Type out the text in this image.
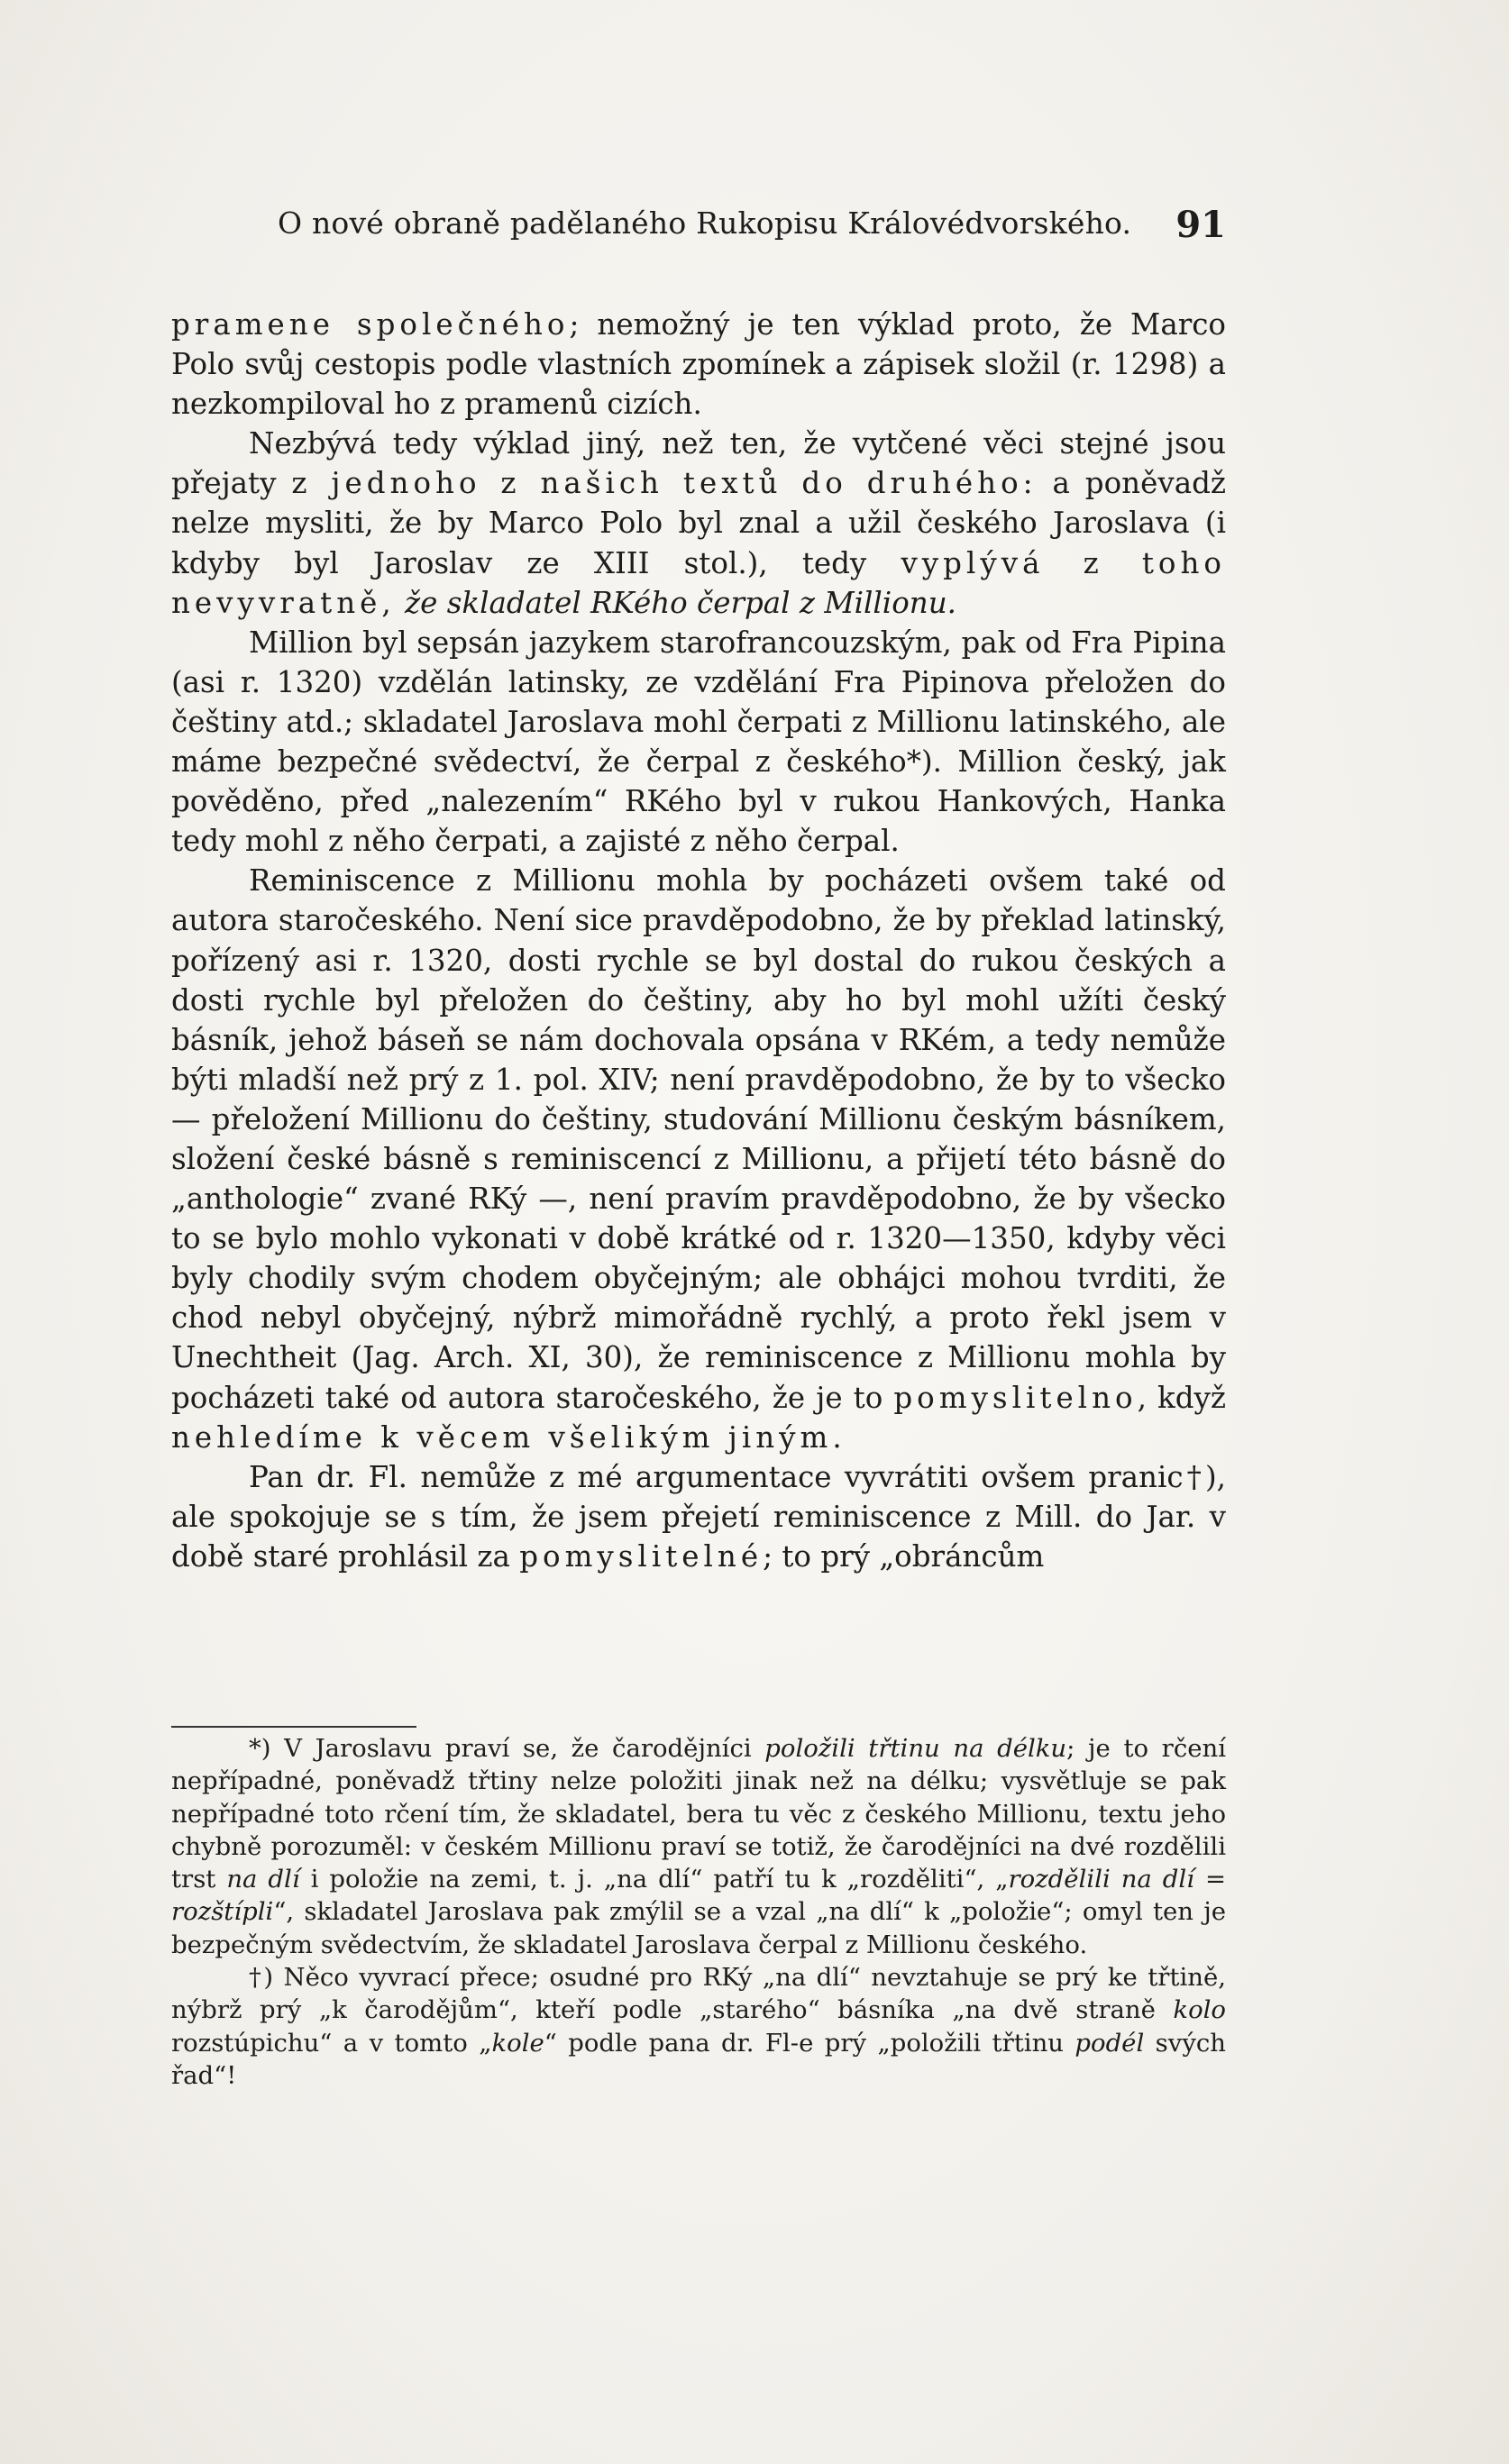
O nové obraně padělaného Rukopisu Královédvorského. 91

pramene společného; nemožný je ten výklad proto, že Marco Polo svůj cestopis podle vlastních zpomínek a zápisek složil (r. 1298) a nezkompiloval ho z pramenů cizích.

Nezbývá tedy výklad jiný, než ten, že vytčené věci stejné jsou přejaty z jednoho z našich textů do druhého: a poněvadž nelze mysliti, že by Marco Polo byl znal a užil českého Jaroslava (i kdyby byl Jaroslav ze XIII stol.), tedy vyplývá z toho nevyvratně, že skladatel RKého čerpal z Millionu.

Million byl sepsán jazykem starofrancouzským, pak od Fra Pipina (asi r. 1320) vzdělán latinsky, ze vzdělání Fra Pipinova přeložen do češtiny atd.; skladatel Jaroslava mohl čerpati z Millionu latinského, ale máme bezpečné svědectví, že čerpal z českého*). Million český, jak pověděno, před „nalezením“ RKého byl v rukou Hankových, Hanka tedy mohl z něho čerpati, a zajisté z něho čerpal.

Reminiscence z Millionu mohla by pocházeti ovšem také od autora staročeského. Není sice pravděpodobno, že by překlad latinský, pořízený asi r. 1320, dosti rychle se byl dostal do rukou českých a dosti rychle byl přeložen do češtiny, aby ho byl mohl užíti český básník, jehož báseň se nám dochovala opsána v RKém, a tedy nemůže býti mladší než prý z 1. pol. XIV; není pravděpodobno, že by to všecko — přeložení Millionu do češtiny, studování Millionu českým básníkem, složení české básně s reminiscencí z Millionu, a přijetí této básně do „anthologie“ zvané RKý —, není pravím pravděpodobno, že by všecko to se bylo mohlo vykonati v době krátké od r. 1320—1350, kdyby věci byly chodily svým chodem obyčejným; ale obhájci mohou tvrditi, že chod nebyl obyčejný, nýbrž mimořádně rychlý, a proto řekl jsem v Unechtheit (Jag. Arch. XI, 30), že reminiscence z Millionu mohla by pocházeti také od autora staročeského, že je to pomyslitelno, když nehledíme k věcem všelikým jiným.

Pan dr. Fl. nemůže z mé argumentace vyvrátiti ovšem pranic†), ale spokojuje se s tím, že jsem přejetí reminiscence z Mill. do Jar. v době staré prohlásil za pomyslitelné; to prý „obráncům

*) V Jaroslavu praví se, že čarodějníci položili třtinu na délku; je to rčení nepřípadné, poněvadž třtiny nelze položiti jinak než na délku; vysvětluje se pak nepřípadné toto rčení tím, že skladatel, bera tu věc z českého Millionu, textu jeho chybně porozuměl: v českém Millionu praví se totiž, že čarodějníci na dvé rozdělili trst na dlí i položie na zemi, t. j. „na dlí“ patří tu k „rozděliti“, „rozdělili na dlí = rozštípli“, skladatel Jaroslava pak zmýlil se a vzal „na dlí“ k „položie“; omyl ten je bezpečným svědectvím, že skladatel Jaroslava čerpal z Millionu českého.

†) Něco vyvrací přece; osudné pro RKý „na dlí“ nevztahuje se prý ke třtině, nýbrž prý „k čarodějům“, kteří podle „starého“ básníka „na dvě straně kolo rozstúpichu“ a v tomto „kole“ podle pana dr. Fl-e prý „položili třtinu podél svých řad“!
